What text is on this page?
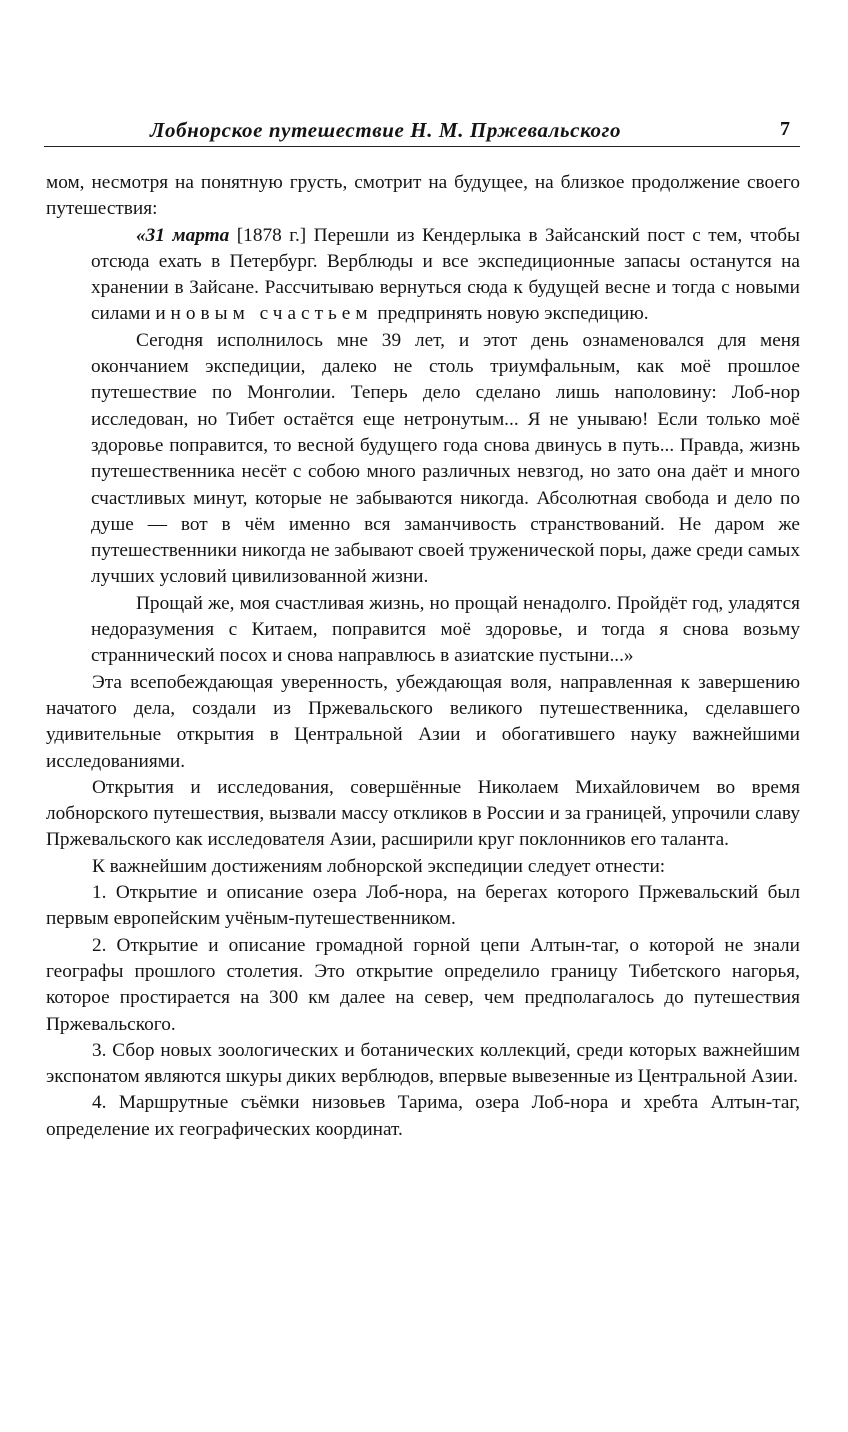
Лобнорское путешествие Н. М. Пржевальского	7

мом, несмотря на понятную грусть, смотрит на будущее, на близкое продолжение своего путешествия:

«31 марта [1878 г.] Перешли из Кендерлыка в Зайсанский пост с тем, чтобы отсюда ехать в Петербург. Верблюды и все экспедиционные запасы останутся на хранении в Зайсане. Рассчитываю вернуться сюда к будущей весне и тогда с новыми силами и новым счастьем предпринять новую экспедицию.

Сегодня исполнилось мне 39 лет, и этот день ознаменовался для меня окончанием экспедиции, далеко не столь триумфальным, как моё прошлое путешествие по Монголии. Теперь дело сделано лишь наполовину: Лоб-нор исследован, но Тибет остаётся еще нетронутым... Я не унываю! Если только моё здоровье поправится, то весной будущего года снова двинусь в путь... Правда, жизнь путешественника несёт с собою много различных невзгод, но зато она даёт и много счастливых минут, которые не забываются никогда. Абсолютная свобода и дело по душе — вот в чём именно вся заманчивость странствований. Не даром же путешественники никогда не забывают своей труженической поры, даже среди самых лучших условий цивилизованной жизни.

Прощай же, моя счастливая жизнь, но прощай ненадолго. Пройдёт год, уладятся недоразумения с Китаем, поправится моё здоровье, и тогда я снова возьму страннический посох и снова направлюсь в азиатские пустыни...»

Эта всепобеждающая уверенность, убеждающая воля, направленная к завершению начатого дела, создали из Пржевальского великого путешественника, сделавшего удивительные открытия в Центральной Азии и обогатившего науку важнейшими исследованиями.

Открытия и исследования, совершённые Николаем Михайловичем во время лобнорского путешествия, вызвали массу откликов в России и за границей, упрочили славу Пржевальского как исследователя Азии, расширили круг поклонников его таланта.

К важнейшим достижениям лобнорской экспедиции следует отнести:

1. Открытие и описание озера Лоб-нора, на берегах которого Пржевальский был первым европейским учёным-путешественником.

2. Открытие и описание громадной горной цепи Алтын-таг, о которой не знали географы прошлого столетия. Это открытие определило границу Тибетского нагорья, которое простирается на 300 км далее на север, чем предполагалось до путешествия Пржевальского.

3. Сбор новых зоологических и ботанических коллекций, среди которых важнейшим экспонатом являются шкуры диких верблюдов, впервые вывезенные из Центральной Азии.

4. Маршрутные съёмки низовьев Тарима, озера Лоб-нора и хребта Алтын-таг, определение их географических координат.
